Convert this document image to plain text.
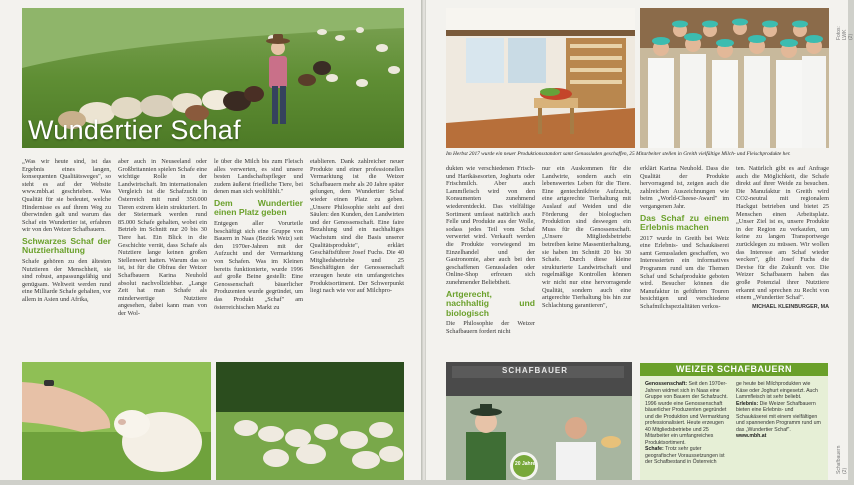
Wundertier Schaf

„Was wir heute sind, ist das Ergebnis eines langen, konsequenten Qualitätsweges", so steht es auf der Website www.mbh.at geschrieben. Was Qualität für sie bedeutet, welche Hindernisse es auf ihrem Weg zu überwinden galt und warum das Schaf ein Wundertier ist, erfahren wir von den Weizer Schafbauern.

Schwarzes Schaf der Nutztierhaltung

Schafe gehören zu den ältesten Nutztieren der Menschheit, sie sind robust, anpassungsfähig und genügsam. Weltweit werden rund eine Milliarde Schafe gehalten, vor allem in Asien und Afrika,

aber auch in Neuseeland oder Großbritannien spielen Schafe eine wichtige Rolle in der Landwirtschaft. Im internationalen Vergleich ist die Schafzucht in Österreich mit rund 350.000 Tieren extrem klein strukturiert. In der Steiermark werden rund 85.000 Schafe gehalten, wobei ein Betrieb im Schnitt nur 20 bis 30 Tiere hat. Ein Blick in die Geschichte verrät, dass Schafe als Nutztiere lange keinen großen Stellenwert hatten. Warum das so ist, ist für die Obfrau der Weizer Schafbauern Karina Neuhold absolut nachvollziehbar. „Lange Zeit hat man Schafe als minderwertige Nutztiere angesehen, dabei kann man von der Wol-

le über die Milch bis zum Fleisch alles verwerten, es sind unsere besten Landschaftspfleger und zudem äußerst friedliche Tiere, bei denen man sich wohlfühlt."

Dem Wundertier einen Platz geben

Entgegen aller Vorurteile beschäftigt sich eine Gruppe von Bauern in Naas (Bezirk Weiz) seit den 1970er-Jahren mit der Aufzucht und der Vermarktung von Schafen. Was im Kleinen bereits funktionierte, wurde 1996 auf große Beine gestellt: Eine Genossenschaft bäuerlicher Produzenten wurde gegründet, um das Produkt „Schaf" am österreichischen Markt zu

etablieren. Dank zahlreicher neuer Produkte und einer professionellen Vermarktung ist die Weizer Schafbauern mehr als 20 Jahre später gelungen, dem Wundertier Schaf wieder einen Platz zu geben. „Unsere Philosophie steht auf drei Säulen: den Kunden, den Landwirten und der Genossenschaft. Eine faire Bezahlung und ein nachhaltiges Wachstum sind die Basis unserer Qualitätsprodukte", erklärt Geschäftsführer Josef Fuchs. Die 40 Mitgliedsbetriebe und 25 Beschäftigten der Genossenschaft erzeugen heute ein umfangreiches Produktsortiment. Der Schwerpunkt liegt nach wie vor auf Milchpro-

Fotos: LWK (2)
Im Herbst 2017 wurde ein neuer Produktionsstandort samt Genussladen geschaffen, 25 Mitarbeiter stellen in Greith vielfältige Milch- und Fleischprodukte her.

dukten wie verschiedenen Frisch- und Hartkäsesorten, Joghurts oder Frischmilch. Aber auch Lammfleisch wird von den Konsumenten zunehmend wiederentdeckt. Das vielfältige Sortiment umfasst natürlich auch Felle und Produkte aus der Wolle, sodass jedes Teil vom Schaf verwertet wird. Verkauft werden die Produkte vorwiegend im Einzelhandel und der Gastronomie, aber auch bei den geschaffenen Genussladen oder Online-Shop erfreuen sich zunehmender Beliebtheit.

Artgerecht, nachhaltig und biologisch

Die Philosophie der Weizer Schafbauern fordert nicht

nur ein Auskommen für die Landwirte, sondern auch ein lebenswertes Leben für die Tiere. Eine gentechnikfreie Aufzucht, eine artgerechte Tierhaltung mit Auslauf auf Weiden und die Förderung der biologischen Produktion sind deswegen ein Muss für die Genossenschaft. „Unsere Mitgliedsbetriebe betreiben keine Massentierhaltung, sie haben im Schnitt 20 bis 30 Schafe. Durch diese kleine strukturierte Landwirtschaft und regelmäßige Kontrollen können wir nicht nur eine hervorragende Qualität, sondern auch eine artgerechte Tierhaltung bis hin zur Schlachtung garantieren",

erklärt Karina Neuhold. Dass die Qualität der Produkte hervorragend ist, zeigen auch die zahlreichen Auszeichnungen wie beim „World-Cheese-Award" im vergangenen Jahr.

Das Schaf zu einem Erlebnis machen

2017 wurde in Greith bei Weiz eine Erlebnis- und Schaukäserei samt Genussladen geschaffen, wo Interessierten ein informatives Programm rund um die Themen Schaf und Schafprodukte geboten wird. Besucher können die Manufaktur in geführten Touren besichtigen und verschiedene Schafmilchspezialitäten verkos-

ten. Natürlich gibt es auf Anfrage auch die Möglichkeit, die Schafe direkt auf ihrer Weide zu besuchen. Die Manufaktur in Greith wird CO2-neutral mit regionalem Hackgut betrieben und bietet 25 Menschen einen Arbeitsplatz. „Unser Ziel ist es, unsere Produkte in der Region zu verkaufen, um keine zu langen Transportwege zurücklegen zu müssen. Wir wollen das Interesse am Schaf wieder wecken", gibt Josef Fuchs die Devise für die Zukunft vor. Die Weizer Schafbauern haben das große Potenzial ihrer Nutztiere erkannt und sprechen zu Recht von einem „Wundertier Schaf".

MICHAEL KLEINBURGER, MA
SCHAFBAUER
20 Jahre
WEIZER SCHAFBAUERN
Genossenschaft: Seit den 1970er-Jahren widmet sich in Naas eine Gruppe von Bauern der Schafzucht. 1996 wurde eine Genossenschaft bäuerlicher Produzenten gegründet und die Produktion und Vermarktung professionalisiert. Heute erzeugen 40 Mitgliedsbetriebe und 25 Mitarbeiter ein umfangreiches Produktsortiment.
Schafe: Trotz sehr guter geografischer Voraussetzungen ist der Schafbestand in Österreich
ge heute bei Milchprodukten wie Käse oder Joghurt eingesetzt. Auch Lammfleisch ist sehr beliebt.
Erlebnis: Die Weizer Schafbauern bieten eine Erlebnis- und Schaukäserei mit einem vielfältigen und spannenden Programm rund um das „Wundertier Schaf".
www.mbh.at
Schafbauern (2)
